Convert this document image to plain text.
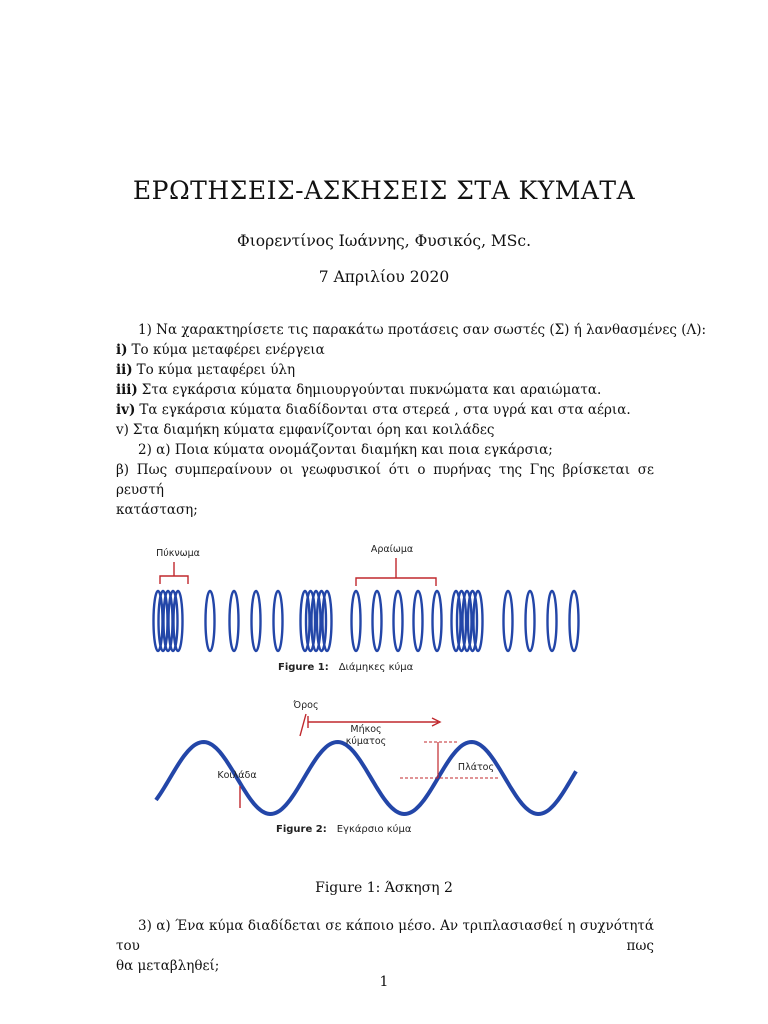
ΕΡΩΤΗΣΕΙΣ-ΑΣΚΗΣΕΙΣ ΣΤΑ ΚΥΜΑΤΑ
Φιορεντίνος Ιωάννης, Φυσικός, MSc.
7 Απριλίου 2020
1) Να χαρακτηρίσετε τις παρακάτω προτάσεις σαν σωστές (Σ) ή λανθασμένες (Λ):
i) Το κύμα μεταφέρει ενέργεια
ii) Το κύμα μεταφέρει ύλη
iii) Στα εγκάρσια κύματα δημιουργούνται πυκνώματα και αραιώματα.
iv) Τα εγκάρσια κύματα διαδίδονται στα στερεά , στα υγρά και στα αέρια.
v) Στα διαμήκη κύματα εμφανίζονται όρη και κοιλάδες
2) α) Ποια κύματα ονομάζονται διαμήκη και ποια εγκάρσια;
β) Πως συμπεραίνουν οι γεωφυσικοί ότι ο πυρήνας της Γης βρίσκεται σε ρευστή
κατάσταση;
Πύκνωμα	Αραίωμα
Figure 1: Διάμηκες κύμα
Όρος
Μήκος
κύματος
Πλάτος
Κοιλάδα
Figure 2: Εγκάρσιο κύμα
Figure 1: Άσκηση 2
3) α) Ένα κύμα διαδίδεται σε κάποιο μέσο. Αν τριπλασιασθεί η συχνότητά του πως
θα μεταβληθεί;
1
